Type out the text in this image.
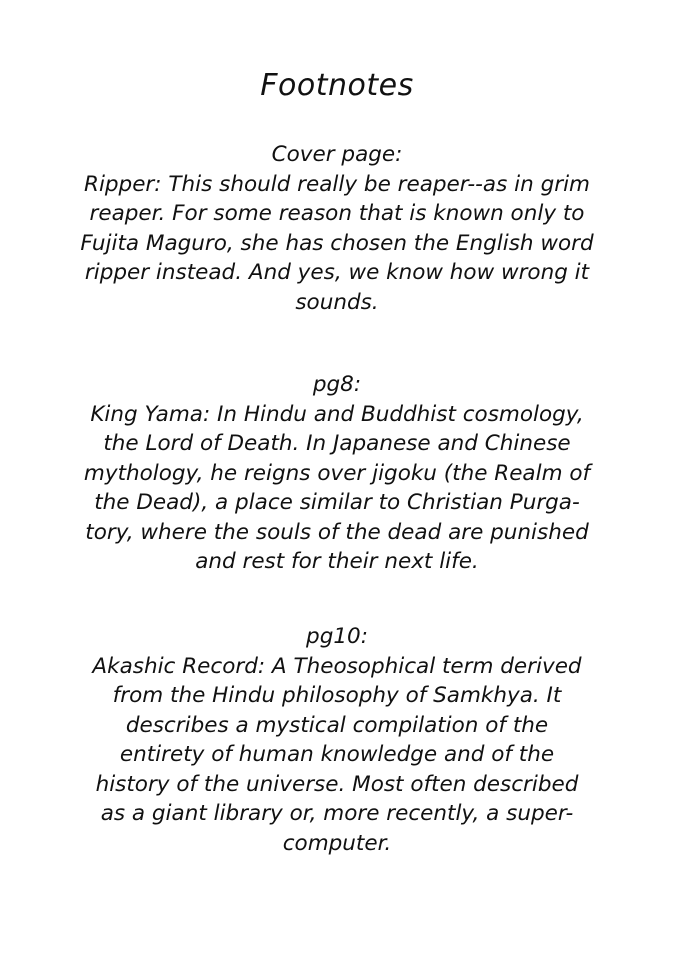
Footnotes
Cover page:
Ripper: This should really be reaper--as in grim
reaper. For some reason that is known only to
Fujita Maguro, she has chosen the English word
ripper instead. And yes, we know how wrong it
sounds.
pg8:
King Yama: In Hindu and Buddhist cosmology,
the Lord of Death. In Japanese and Chinese
mythology, he reigns over jigoku (the Realm of
the Dead), a place similar to Christian Purga-
tory, where the souls of the dead are punished
and rest for their next life.
pg10:
Akashic Record: A Theosophical term derived
from the Hindu philosophy of Samkhya. It
describes a mystical compilation of the
entirety of human knowledge and of the
history of the universe. Most often described
as a giant library or, more recently, a super-
computer.
